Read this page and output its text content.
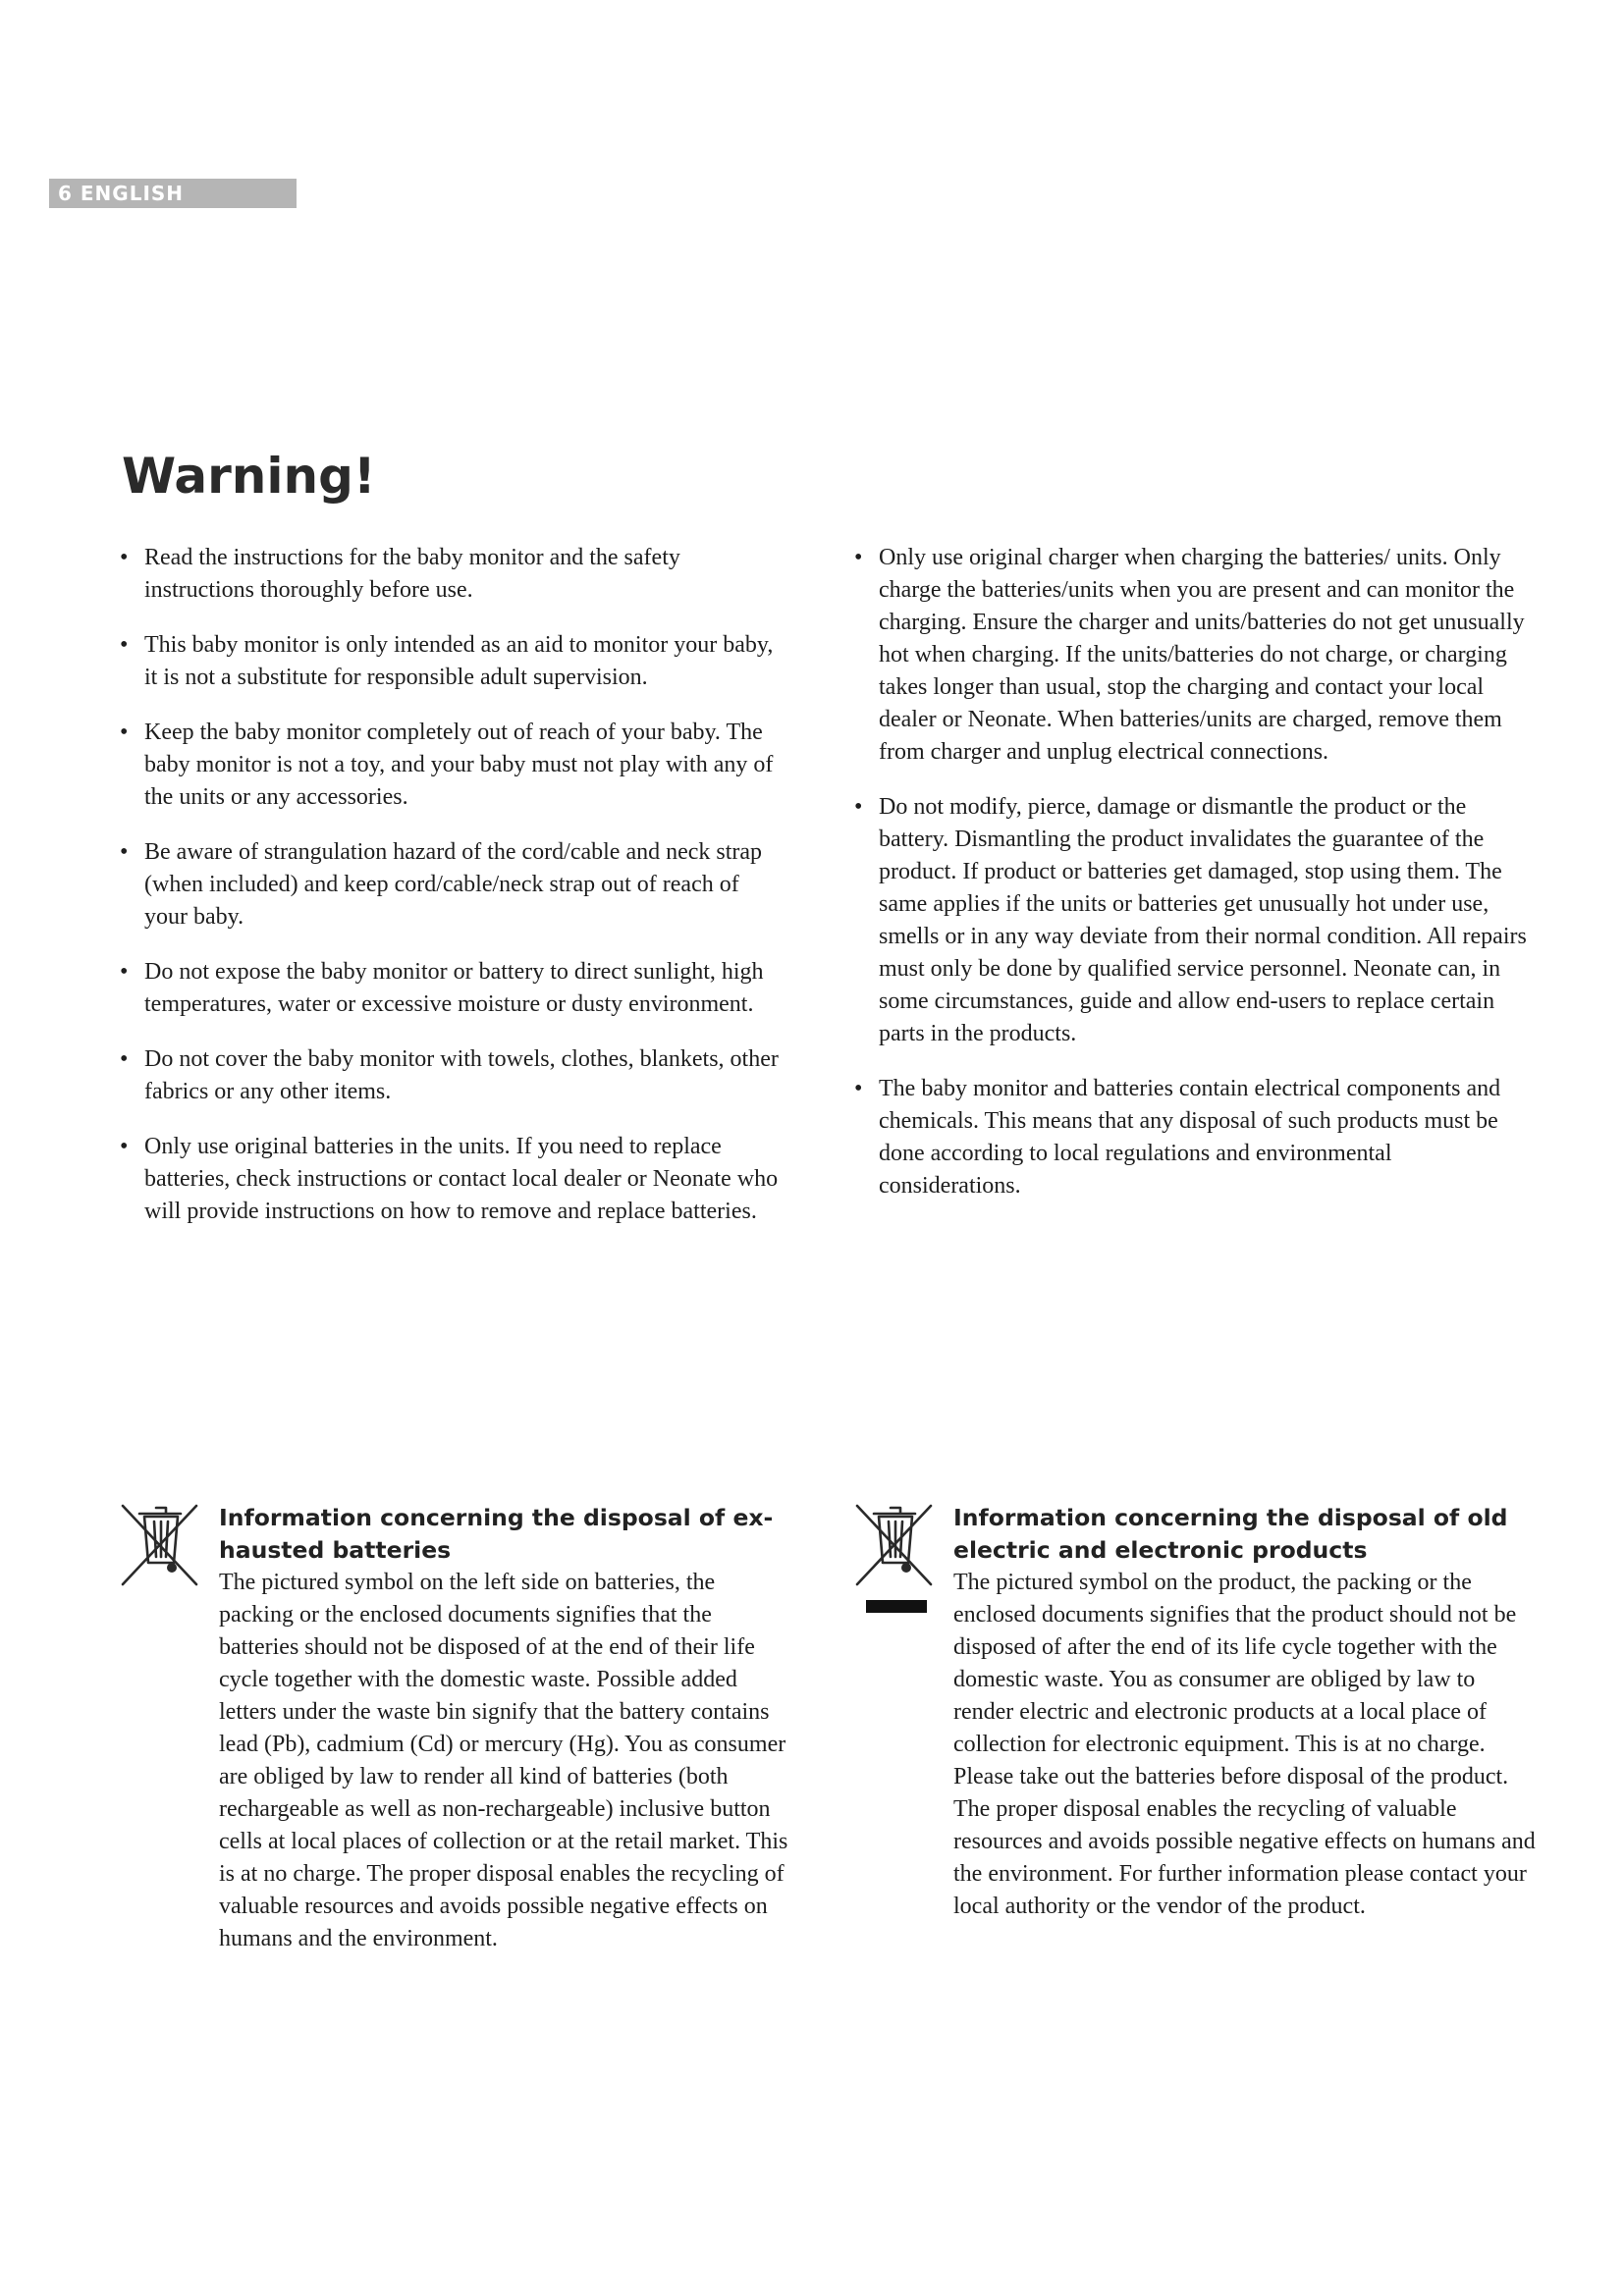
6 ENGLISH
Warning!
• Read the instructions for the baby monitor and the safety instructions thoroughly before use.
• This baby monitor is only intended as an aid to monitor your baby, it is not a substitute for responsible adult supervision.
• Keep the baby monitor completely out of reach of your baby. The baby monitor is not a toy, and your baby must not play with any of the units or any accessories.
• Be aware of strangulation hazard of the cord/cable and neck strap (when included) and keep cord/cable/neck strap out of reach of your baby.
• Do not expose the baby monitor or battery to direct sunlight, high temperatures, water or excessive moisture or dusty environment.
• Do not cover the baby monitor with towels, clothes, blankets, other fabrics or any other items.
• Only use original batteries in the units. If you need to replace batteries, check instructions or contact local dealer or Neonate who will provide instructions on how to remove and replace batteries.
• Only use original charger when charging the batteries/ units. Only charge the batteries/units when you are present and can monitor the charging. Ensure the charger and units/batteries do not get unusually hot when charging. If the units/batteries do not charge, or charging takes longer than usual, stop the charging and contact your local dealer or Neonate. When batteries/units are charged, remove them from charger and unplug electrical connections.
• Do not modify, pierce, damage or dismantle the product or the battery. Dismantling the product invalidates the guarantee of the product. If product or batteries get damaged, stop using them. The same applies if the units or batteries get unusually hot under use, smells or in any way deviate from their normal condition. All repairs must only be done by qualified service personnel. Neonate can, in some circumstances, guide and allow end-users to replace certain parts in the products.
• The baby monitor and batteries contain electrical components and chemicals. This means that any disposal of such products must be done according to local regulations and environmental considerations.
Information concerning the disposal of ex-hausted batteries

The pictured symbol on the left side on batteries, the packing or the enclosed documents signifies that the batteries should not be disposed of at the end of their life cycle together with the domestic waste. Possible added letters under the waste bin signify that the battery contains lead (Pb), cadmium (Cd) or mercury (Hg). You as consumer are obliged by law to render all kind of batteries (both rechargeable as well as non-rechargeable) inclusive button cells at local places of collection or at the retail market. This is at no charge. The proper disposal enables the recycling of valuable resources and avoids possible negative effects on humans and the environment.

Information concerning the disposal of old electric and electronic products

The pictured symbol on the product, the packing or the enclosed documents signifies that the product should not be disposed of after the end of its life cycle together with the domestic waste. You as consumer are obliged by law to render electric and electronic products at a local place of collection for electronic equipment. This is at no charge. Please take out the batteries before disposal of the product. The proper disposal enables the recycling of valuable resources and avoids possible negative effects on humans and the environment. For further information please contact your local authority or the vendor of the product.
